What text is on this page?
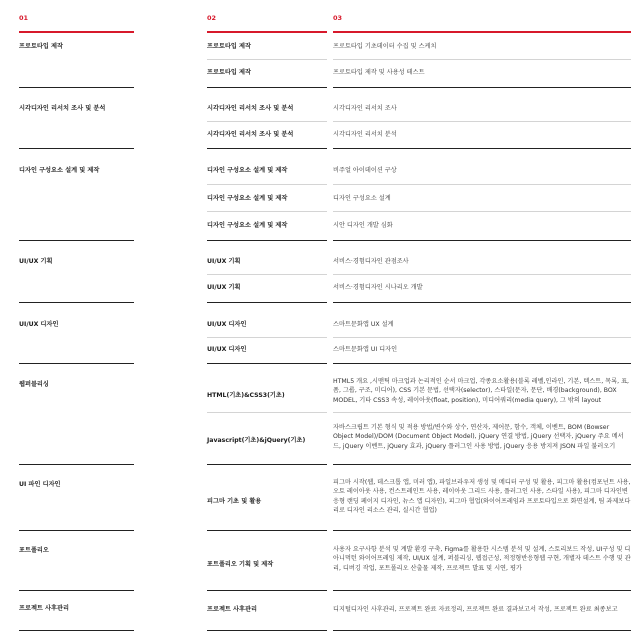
01	02	03
프로토타입 제작
시각디자인 리서치 조사 및 분석
디자인 구성요소 설계 및 제작
UI/UX 기획
UI/UX 디자인
웹퍼블리싱
UI 파인 디자인
포트폴리오
프로젝트 사후관리
프로토타입 제작
프로토타입 제작
시각디자인 리서치 조사 및 분석
시각디자인 리서치 조사 및 분석
디자인 구성요소 설계 및 제작
디자인 구성요소 설계 및 제작
디자인 구성요소 설계 및 제작
UI/UX 기획
UI/UX 기획
UI/UX 디자인
UI/UX 디자인
HTML(기초)&CSS3(기초)
Javascript(기초)&jQuery(기초)
피그마 기초 및 활용
포트폴리오 기획 및 제작
프로젝트 사후관리
프로토타입 기초데이터 수집 및 스케치
프로토타입 제작 및 사용성 테스트
시각디자인 리서치 조사
시각디자인 리서치 분석
비주얼 아이데이션 구상
디자인 구성요소 설계
시안 디자인 개발 심화
서비스·경험디자인 관점조사
서비스·경험디자인 시나리오 개발
스마트문화앱 UX 설계
스마트문화앱 UI 디자인
HTML5 개요 ,시맨틱 마크업과 논리적인 순서 마크업, 각종요소활용(블록 레벨,인라인, 기본, 텍스트, 목록, 표, 폼, 그룹, 구조, 미디어), CSS 기본 문법, 선택자(selector), 스타일(문자, 문단, 배경(background), BOX MODEL, 기타 CSS3 속성, 레이아웃(float, position), 미디어쿼리(media query), 그 밖의 layout
자바스크립트 기본 형식 및 적용 방법/변수와 상수, 연산자, 제어문, 함수, 객체, 이벤트, BOM (Bowser Object Model)/DOM (Document Object Model), jQuery 연결 방법, jQuery 선택자, jQuery 주요 메서드, jQuery 이벤트, jQuery 효과, jQuery 플러그인 사용 방법, jQuery 응용 방지져 JSON 파일 불러오기
피그마 시작(웹, 데스크톱 앱, 미러 앱), 파일브라우저 생성 및 메디터 구성 및 활용, 피그마 활용(컴포넌트 사용, 오토 레이아웃 사용, 컨스트레인트 사용, 레이아웃 그리드 사용, 플러그인 사용, 스타일 사용), 피그마 디자인변 응형 랜딩 페이지 디자인, 뉴스 앱 디자인), 피그마 협업(와이어프레임과 프로토타입으로 화면설계, 팀 과제보다 리로 디자인 리소스 관리, 실시간 협업)
사용자 요구사항 분석 및 계발 환경 구축, Figma를 활용한 시스템 분석 및 설계, 스토리보드 작성, UI구성 및 디 아니먹턴 와이어프레임 제작, UI/UX 설계, 퍼블리싱, 웹접근성, 적정형반응형웹 구현, 개별자 데스트 수행 및 관리, 디버깅 작업, 포트폴리오 산출물 제작, 프로젝트 발표 및 시연, 평가
디지털디자인 사후관리, 프로젝트 완료 자료정리, 프로젝트 완료 결과보고서 작성, 프로젝트 완료 최종보고
